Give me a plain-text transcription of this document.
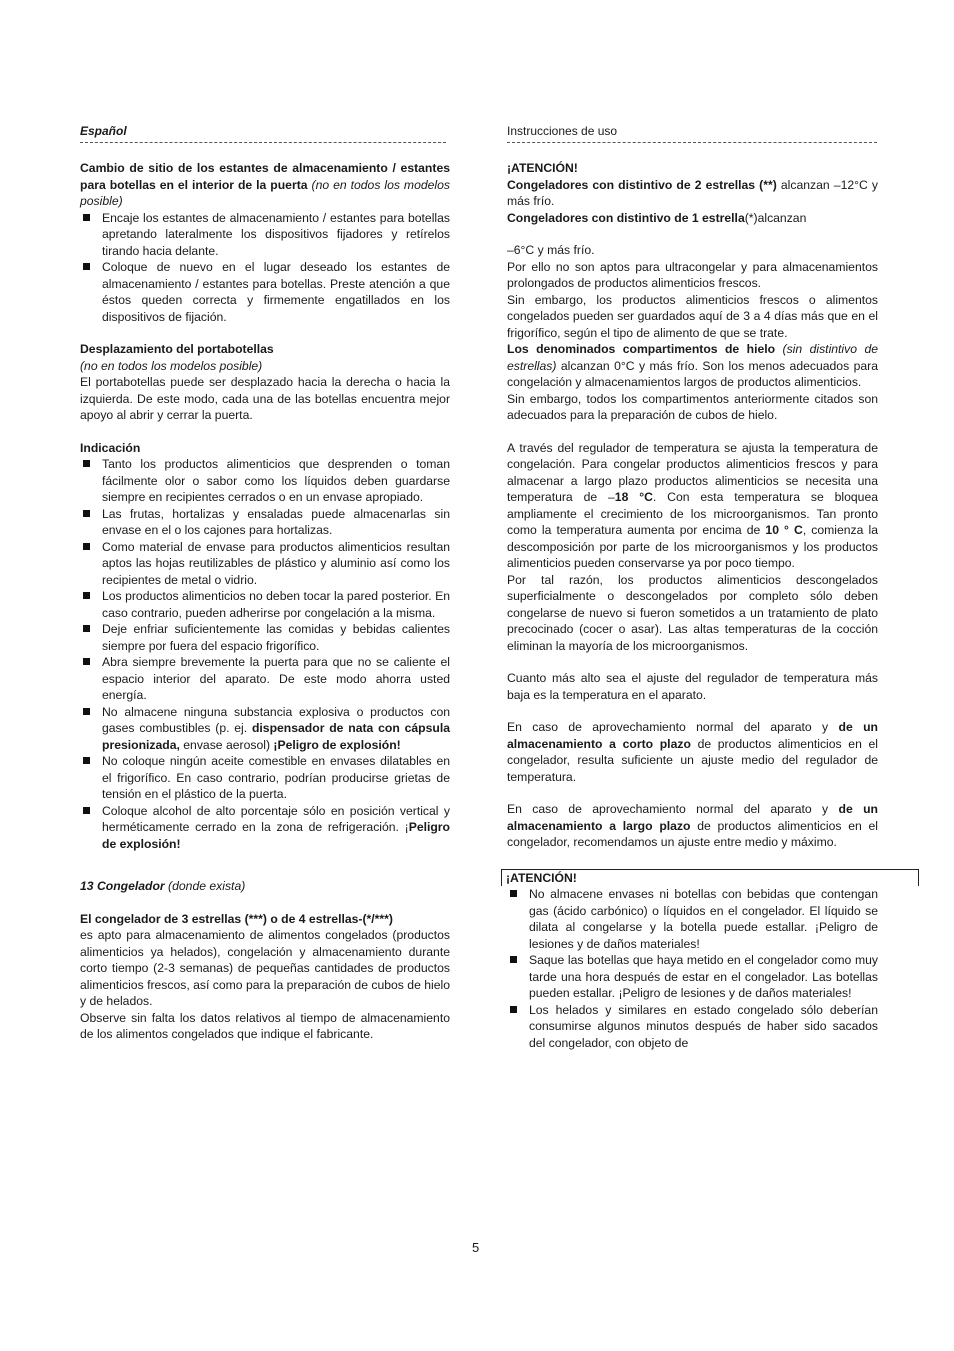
Español	Instrucciones de uso

Cambio de sitio de los estantes de almacenamiento / estantes para botellas en el interior de la puerta (no en todos los modelos posible)

Encaje los estantes de almacenamiento / estantes para botellas apretando lateralmente los dispositivos fijadores y retírelos tirando hacia delante.
Coloque de nuevo en el lugar deseado los estantes de almacenamiento / estantes para botellas. Preste atención a que éstos queden correcta y firmemente engatillados en los dispositivos de fijación.

Desplazamiento del portabotellas

(no en todos los modelos posible)

El portabotellas puede ser desplazado hacia la derecha o hacia la izquierda. De este modo, cada una de las botellas encuentra mejor apoyo al abrir y cerrar la puerta.

Indicación

Tanto los productos alimenticios que desprenden o toman fácilmente olor o sabor como los líquidos deben guardarse siempre en recipientes cerrados o en un envase apropiado.
Las frutas, hortalizas y ensaladas puede almacenarlas sin envase en el o los cajones para hortalizas.
Como material de envase para productos alimenticios resultan aptos las hojas reutilizables de plástico y aluminio así como los recipientes de metal o vidrio.
Los productos alimenticios no deben tocar la pared posterior. En caso contrario, pueden adherirse por congelación a la misma.
Deje enfriar suficientemente las comidas y bebidas calientes siempre por fuera del espacio frigorífico.
Abra siempre brevemente la puerta para que no se caliente el espacio interior del aparato. De este modo ahorra usted energía.
No almacene ninguna substancia explosiva o productos con gases combustibles (p. ej. dispensador de nata con cápsula presionizada, envase aerosol) ¡Peligro de explosión!
No coloque ningún aceite comestible en envases dilatables en el frigorífico. En caso contrario, podrían producirse grietas de tensión en el plástico de la puerta.
Coloque alcohol de alto porcentaje sólo en posición vertical y herméticamente cerrado en la zona de refrigeración. ¡Peligro de explosión!

13 Congelador (donde exista)

El congelador de 3 estrellas (***) o de 4 estrellas-(*/***)

es apto para almacenamiento de alimentos congelados (productos alimenticios ya helados), congelación y almacenamiento durante corto tiempo (2-3 semanas) de pequeñas cantidades de productos alimenticios frescos, así como para la preparación de cubos de hielo y de helados.

Observe sin falta los datos relativos al tiempo de almacenamiento de los alimentos congelados que indique el fabricante.

¡ATENCIÓN!

Congeladores con distintivo de 2 estrellas (**) alcanzan –12°C y más frío.

Congeladores con distintivo de 1 estrella(*)alcanzan

–6°C y más frío.

Por ello no son aptos para ultracongelar y para almacenamientos prolongados de productos alimenticios frescos.

Sin embargo, los productos alimenticios frescos o alimentos congelados pueden ser guardados aquí de 3 a 4 días más que en el frigorífico, según el tipo de alimento de que se trate.

Los denominados compartimentos de hielo (sin distintivo de estrellas) alcanzan 0°C y más frío. Son los menos adecuados para congelación y almacenamientos largos de productos alimenticios.

Sin embargo, todos los compartimentos anteriormente citados son adecuados para la preparación de cubos de hielo.

A través del regulador de temperatura se ajusta la temperatura de congelación. Para congelar productos alimenticios frescos y para almacenar a largo plazo productos alimenticios se necesita una temperatura de –18 °C. Con esta temperatura se bloquea ampliamente el crecimiento de los microorganismos. Tan pronto como la temperatura aumenta por encima de 10 ° C, comienza la descomposición por parte de los microorganismos y los productos alimenticios pueden conservarse ya por poco tiempo.

Por tal razón, los productos alimenticios descongelados superficialmente o descongelados por completo sólo deben congelarse de nuevo si fueron sometidos a un tratamiento de plato precocinado (cocer o asar). Las altas temperaturas de la cocción eliminan la mayoría de los microorganismos.

Cuanto más alto sea el ajuste del regulador de temperatura más baja es la temperatura en el aparato.

En caso de aprovechamiento normal del aparato y de un almacenamiento a corto plazo de productos alimenticios en el congelador, resulta suficiente un ajuste medio del regulador de temperatura.

En caso de aprovechamiento normal del aparato y de un almacenamiento a largo plazo de productos alimenticios en el congelador, recomendamos un ajuste entre medio y máximo.

¡ATENCIÓN!

No almacene envases ni botellas con bebidas que contengan gas (ácido carbónico) o líquidos en el congelador. El líquido se dilata al congelarse y la botella puede estallar. ¡Peligro de lesiones y de daños materiales!
Saque las botellas que haya metido en el congelador como muy tarde una hora después de estar en el congelador. Las botellas pueden estallar. ¡Peligro de lesiones y de daños materiales!
Los helados y similares en estado congelado sólo deberían consumirse algunos minutos después de haber sido sacados del congelador, con objeto de
5
